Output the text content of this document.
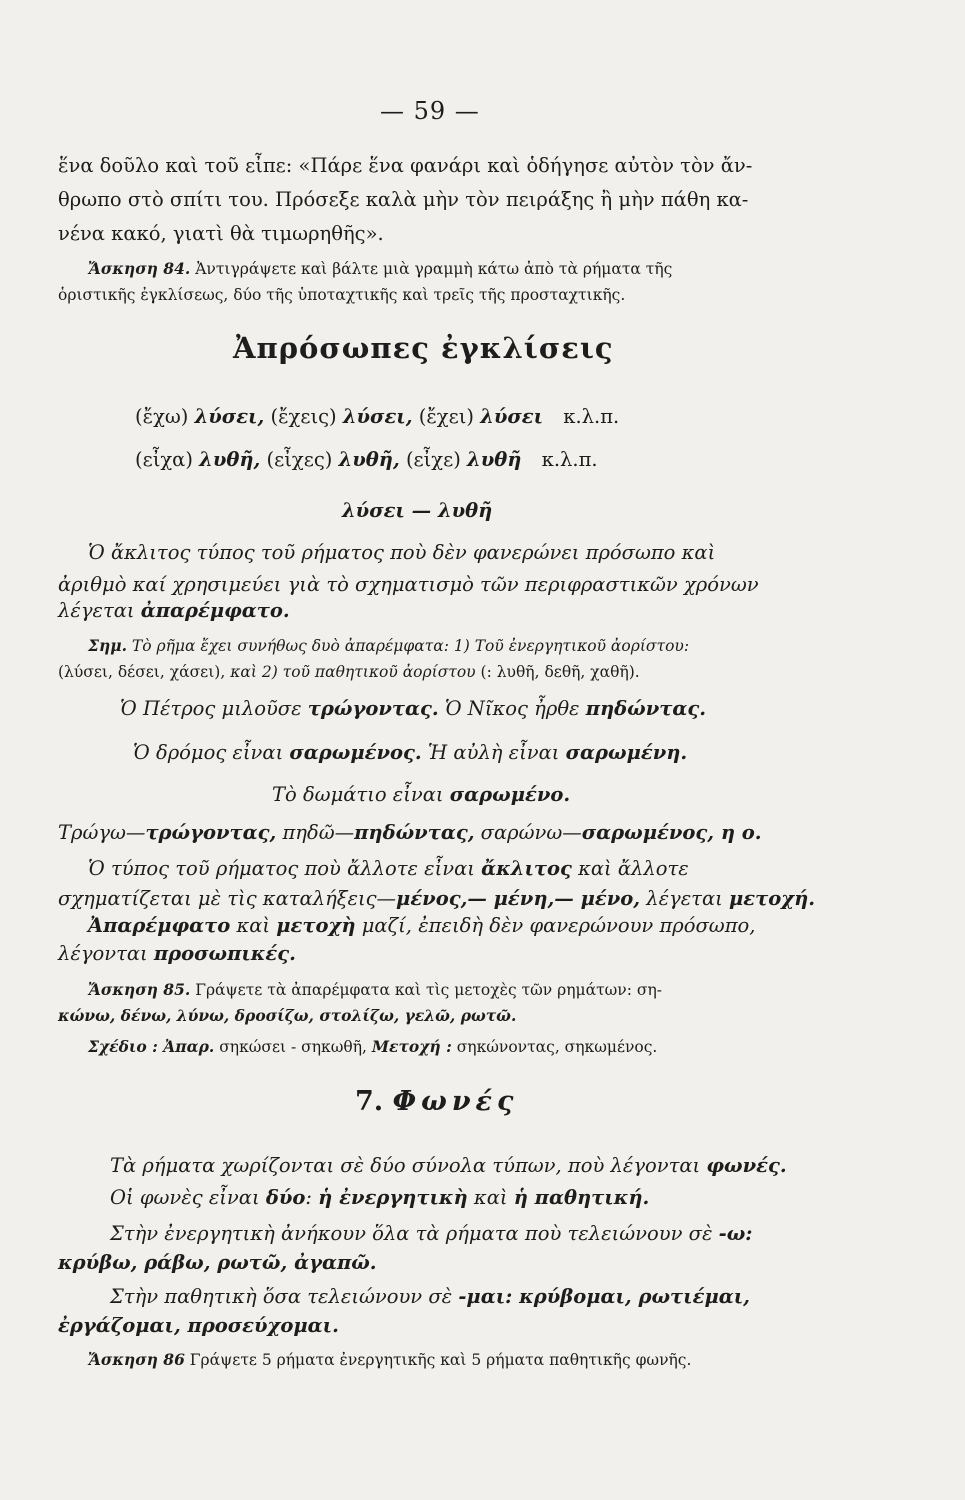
— 59 —
ἕνα δοῦλο καὶ τοῦ εἶπε: «Πάρε ἕνα φανάρι καὶ ὁδήγησε αὐτὸν τὸν ἄν-
θρωπο στὸ σπίτι του. Πρόσεξε καλὰ μὴν τὸν πειράξης ἢ μὴν πάθη κα-
νένα κακό, γιατὶ θὰ τιμωρηθῆς».
Ἄσκηση 84. Ἀντιγράψετε καὶ βάλτε μιὰ γραμμὴ κάτω ἀπὸ τὰ ρήματα τῆς
ὁριστικῆς ἐγκλίσεως, δύο τῆς ὑποταχτικῆς καὶ τρεῖς τῆς προσταχτικῆς.
Ἀπρόσωπες ἐγκλίσεις
(ἔχω) λύσει, (ἔχεις) λύσει, (ἔχει) λύσει κ.λ.π.
(εἶχα) λυθῆ, (εἶχες) λυθῆ, (εἶχε) λυθῆ κ.λ.π.
λύσει — λυθῆ
Ὁ ἄκλιτος τύπος τοῦ ρήματος ποὺ δὲν φανερώνει πρόσωπο καὶ
ἀριθμὸ καί χρησιμεύει γιὰ τὸ σχηματισμὸ τῶν περιφραστικῶν χρόνων
λέγεται ἀπαρέμφατο.
Σημ. Τὸ ρῆμα ἔχει συνήθως δυὸ ἀπαρέμφατα: 1) Τοῦ ἐνεργητικοῦ ἀορίστου:
(λύσει, δέσει, χάσει), καὶ 2) τοῦ παθητικοῦ ἀορίστου (: λυθῆ, δεθῆ, χαθῆ).
Ὁ Πέτρος μιλοῦσε τρώγοντας. Ὁ Νῖκος ἦρθε πηδώντας.
Ὁ δρόμος εἶναι σαρωμένος. Ἡ αὐλὴ εἶναι σαρωμένη.
Τὸ δωμάτιο εἶναι σαρωμένο.
Τρώγω—τρώγοντας, πηδῶ—πηδώντας, σαρώνω—σαρωμένος, η ο.
Ὁ τύπος τοῦ ρήματος ποὺ ἄλλοτε εἶναι ἄκλιτος καὶ ἄλλοτε
σχηματίζεται μὲ τὶς καταλήξεις—μένος,— μένη,— μένο, λέγεται μετοχή.
Ἀπαρέμφατο καὶ μετοχὴ μαζί, ἐπειδὴ δὲν φανερώνουν πρόσωπο,
λέγονται προσωπικές.
Ἄσκηση 85. Γράψετε τὰ ἀπαρέμφατα καὶ τὶς μετοχὲς τῶν ρημάτων: ση-
κώνω, δένω, λύνω, δροσίζω, στολίζω, γελῶ, ρωτῶ.
Σχέδιο : Ἀπαρ. σηκώσει - σηκωθῆ, Μετοχή : σηκώνοντας, σηκωμένος.
7. Φωνές
Τὰ ρήματα χωρίζονται σὲ δύο σύνολα τύπων, ποὺ λέγονται φωνές.
Οἱ φωνὲς εἶναι δύο: ἡ ἐνεργητικὴ καὶ ἡ παθητική.
Στὴν ἐνεργητικὴ ἀνήκουν ὅλα τὰ ρήματα ποὺ τελειώνουν σὲ -ω:
κρύβω, ράβω, ρωτῶ, ἀγαπῶ.
Στὴν παθητικὴ ὅσα τελειώνουν σὲ -μαι: κρύβομαι, ρωτιέμαι,
ἐργάζομαι, προσεύχομαι.
Ἄσκηση 86 Γράψετε 5 ρήματα ἐνεργητικῆς καὶ 5 ρήματα παθητικῆς φωνῆς.
